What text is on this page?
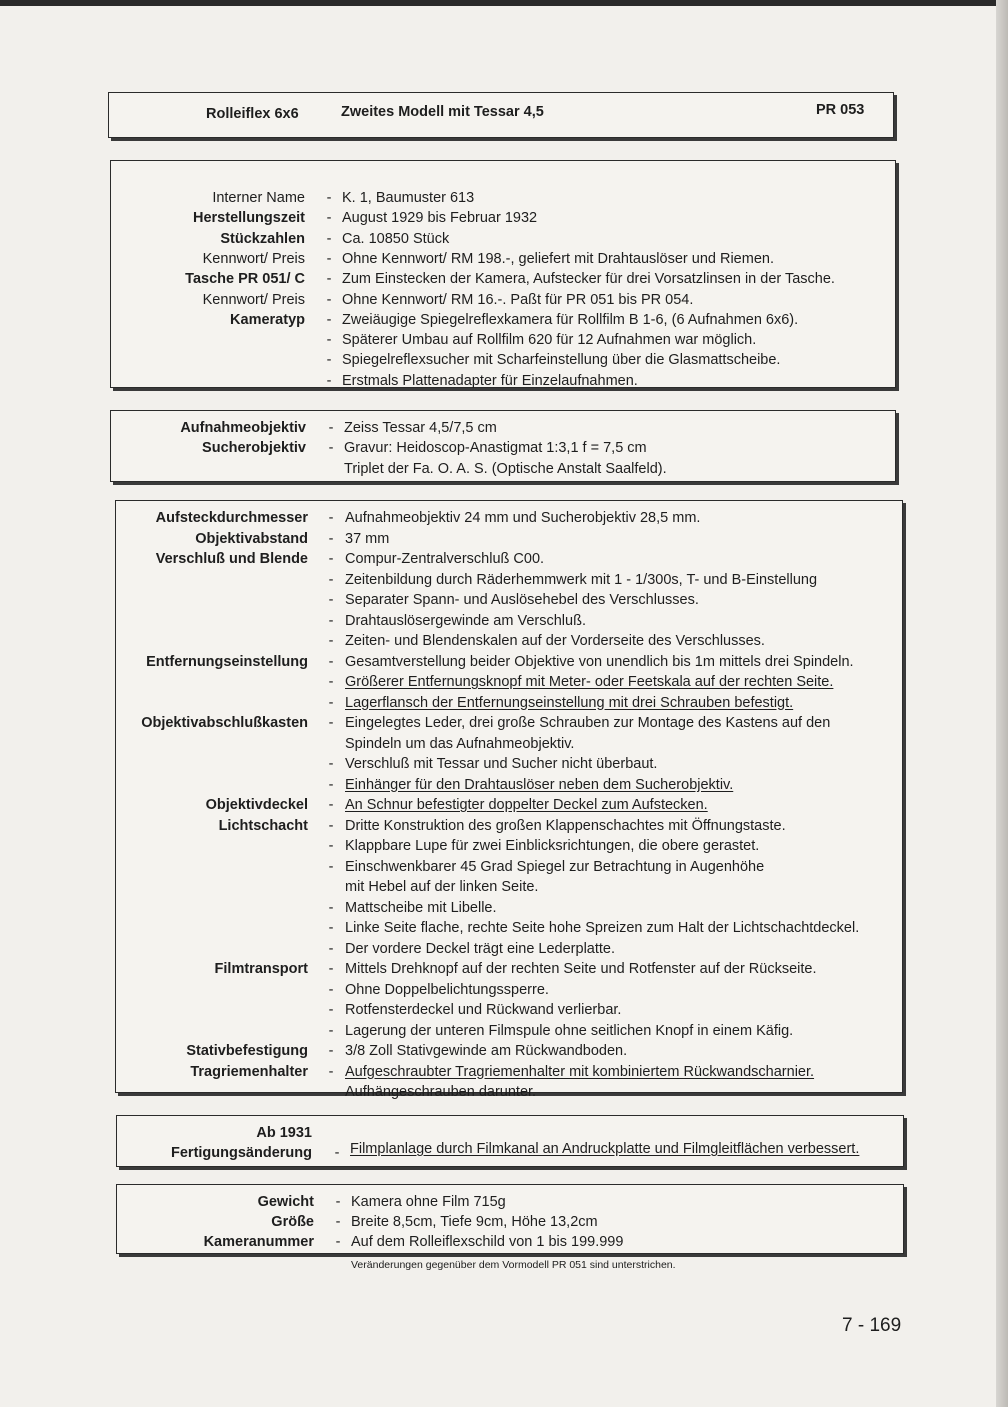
Rolleiflex 6x6	Zweites Modell mit Tessar 4,5	PR 053
Interner Name - K. 1, Baumuster 613
Herstellungszeit - August 1929 bis Februar 1932
Stückzahlen - Ca. 10850 Stück
Kennwort/ Preis - Ohne Kennwort/ RM 198.-, geliefert mit Drahtauslöser und Riemen.
Tasche PR 051/ C - Zum Einstecken der Kamera, Aufstecker für drei Vorsatzlinsen in der Tasche.
Kennwort/ Preis - Ohne Kennwort/ RM 16.-. Paßt für PR 051 bis PR 054.
Kameratyp - Zweiäugige Spiegelreflexkamera für Rollfilm B 1-6, (6 Aufnahmen 6x6).
- Späterer Umbau auf Rollfilm 620 für 12 Aufnahmen war möglich.
- Spiegelreflexsucher mit Scharfeinstellung über die Glasmattscheibe.
- Erstmals Plattenadapter für Einzelaufnahmen.
Aufnahmeobjektiv - Zeiss Tessar 4,5/7,5 cm
Sucherobjektiv - Gravur: Heidoscop-Anastigmat 1:3,1 f = 7,5 cm
Triplet der Fa. O. A. S. (Optische Anstalt Saalfeld).
Aufsteckdurchmesser - Aufnahmeobjektiv 24 mm und Sucherobjektiv 28,5 mm.
Objektivabstand - 37 mm
Verschluß und Blende - Compur-Zentralverschluß C00.
- Zeitenbildung durch Räderhemmwerk mit 1 - 1/300s, T- und B-Einstellung
- Separater Spann- und Auslösehebel des Verschlusses.
- Drahtauslösergewinde am Verschluß.
- Zeiten- und Blendenskalen auf der Vorderseite des Verschlusses.
Entfernungseinstellung - Gesamtverstellung beider Objektive von unendlich bis 1m mittels drei Spindeln.
- Größerer Entfernungsknopf mit Meter- oder Feetskala auf der rechten Seite.
- Lagerflansch der Entfernungseinstellung mit drei Schrauben befestigt.
Objektivabschlußkasten - Eingelegtes Leder, drei große Schrauben zur Montage des Kastens auf den
Spindeln um das Aufnahmeobjektiv.
- Verschluß mit Tessar und Sucher nicht überbaut.
- Einhänger für den Drahtauslöser neben dem Sucherobjektiv.
Objektivdeckel - An Schnur befestigter doppelter Deckel zum Aufstecken.
Lichtschacht - Dritte Konstruktion des großen Klappenschachtes mit Öffnungstaste.
- Klappbare Lupe für zwei Einblicksrichtungen, die obere gerastet.
- Einschwenkbarer 45 Grad Spiegel zur Betrachtung in Augenhöhe
mit Hebel auf der linken Seite.
- Mattscheibe mit Libelle.
- Linke Seite flache, rechte Seite hohe Spreizen zum Halt der Lichtschachtdeckel.
- Der vordere Deckel trägt eine Lederplatte.
Filmtransport - Mittels Drehknopf auf der rechten Seite und Rotfenster auf der Rückseite.
- Ohne Doppelbelichtungssperre.
- Rotfensterdeckel und Rückwand verlierbar.
- Lagerung der unteren Filmspule ohne seitlichen Knopf in einem Käfig.
Stativbefestigung - 3/8 Zoll Stativgewinde am Rückwandboden.
Tragriemenhalter - Aufgeschraubter Tragriemenhalter mit kombiniertem Rückwandscharnier.
Aufhängeschrauben darunter.
Ab 1931
Fertigungsänderung - Filmplanlage durch Filmkanal an Andruckplatte und Filmgleitflächen verbessert.
Gewicht - Kamera ohne Film 715g
Größe - Breite 8,5cm, Tiefe 9cm, Höhe 13,2cm
Kameranummer - Auf dem Rolleiflexschild von 1 bis 199.999
Veränderungen gegenüber dem Vormodell PR 051 sind unterstrichen.
7 - 169
